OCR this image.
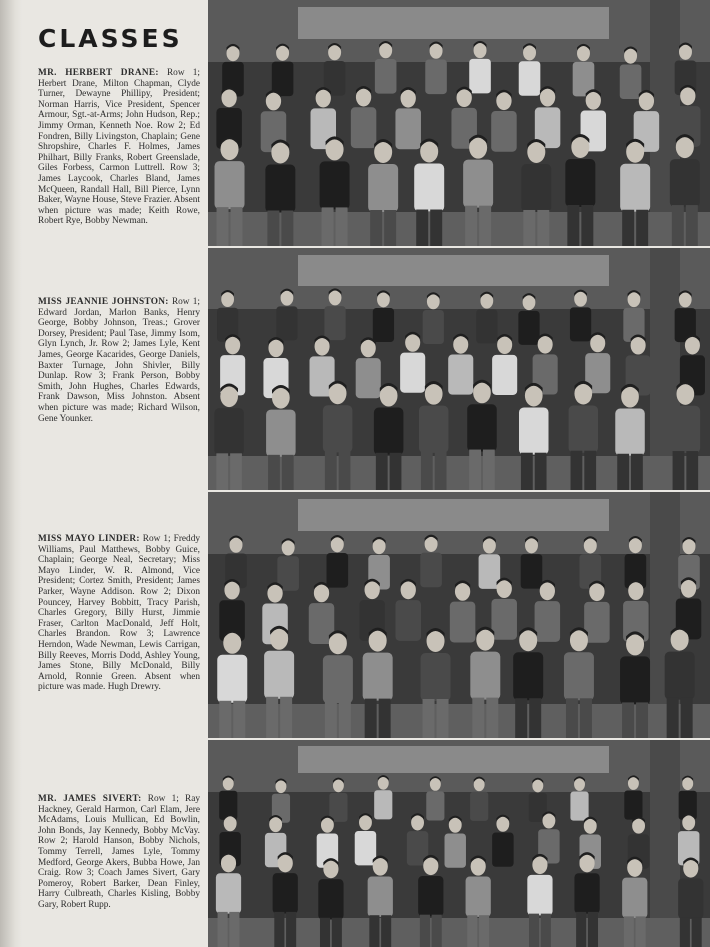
CLASSES
MR. HERBERT DRANE: Row 1; Herbert Drane, Milton Chapman, Clyde Turner, Dewayne Phillipy, President; Norman Harris, Vice President, Spencer Armour, Sgt.-at-Arms; John Hudson, Rep.; Jimmy Orman, Kenneth Noe. Row 2; Ed Fondren, Billy Livingston, Chaplain; Gene Shropshire, Charles F. Holmes, James Philhart, Billy Franks, Robert Greenslade, Giles Forbess, Carmon Luttrell. Row 3; James Laycook, Charles Bland, James McQueen, Randall Hall, Bill Pierce, Lynn Baker, Wayne House, Steve Frazier. Absent when picture was made; Keith Rowe, Robert Rye, Bobby Newman.
MISS JEANNIE JOHNSTON: Row 1; Edward Jordan, Marlon Banks, Henry George, Bobby Johnson, Treas.; Grover Dorsey, President; Paul Tase, Jimmy Isom, Glyn Lynch, Jr. Row 2; James Lyle, Kent James, George Kacarides, George Daniels, Baxter Turnage, John Shivler, Billy Dunlap. Row 3; Frank Person, Bobby Smith, John Hughes, Charles Edwards, Frank Dawson, Miss Johnston. Absent when picture was made; Richard Wilson, Gene Younker.
MISS MAYO LINDER: Row 1; Freddy Williams, Paul Matthews, Bobby Guice, Chaplain; George Neal, Secretary; Miss Mayo Linder, W. R. Almond, Vice President; Cortez Smith, President; James Parker, Wayne Addison. Row 2; Dixon Pouncey, Harvey Bobbitt, Tracy Parish, Charles Gregory, Billy Hurst, Jimmie Fraser, Carlton MacDonald, Jeff Holt, Charles Brandon. Row 3; Lawrence Herndon, Wade Newman, Lewis Carrigan, Billy Reeves, Morris Dodd, Ashley Young, James Stone, Billy McDonald, Billy Arnold, Ronnie Green. Absent when picture was made. Hugh Drewry.
MR. JAMES SIVERT: Row 1; Ray Hackney, Gerald Harmon, Carl Elam, Jere McAdams, Louis Mullican, Ed Bowlin, John Bonds, Jay Kennedy, Bobby McVay. Row 2; Harold Hanson, Bobby Nichols, Tommy Terrell, James Lyle, Tommy Medford, George Akers, Bubba Howe, Jan Craig. Row 3; Coach James Sivert, Gary Pomeroy, Robert Barker, Dean Finley, Harry Culbreath, Charles Kisling, Bobby Gary, Robert Rupp.
